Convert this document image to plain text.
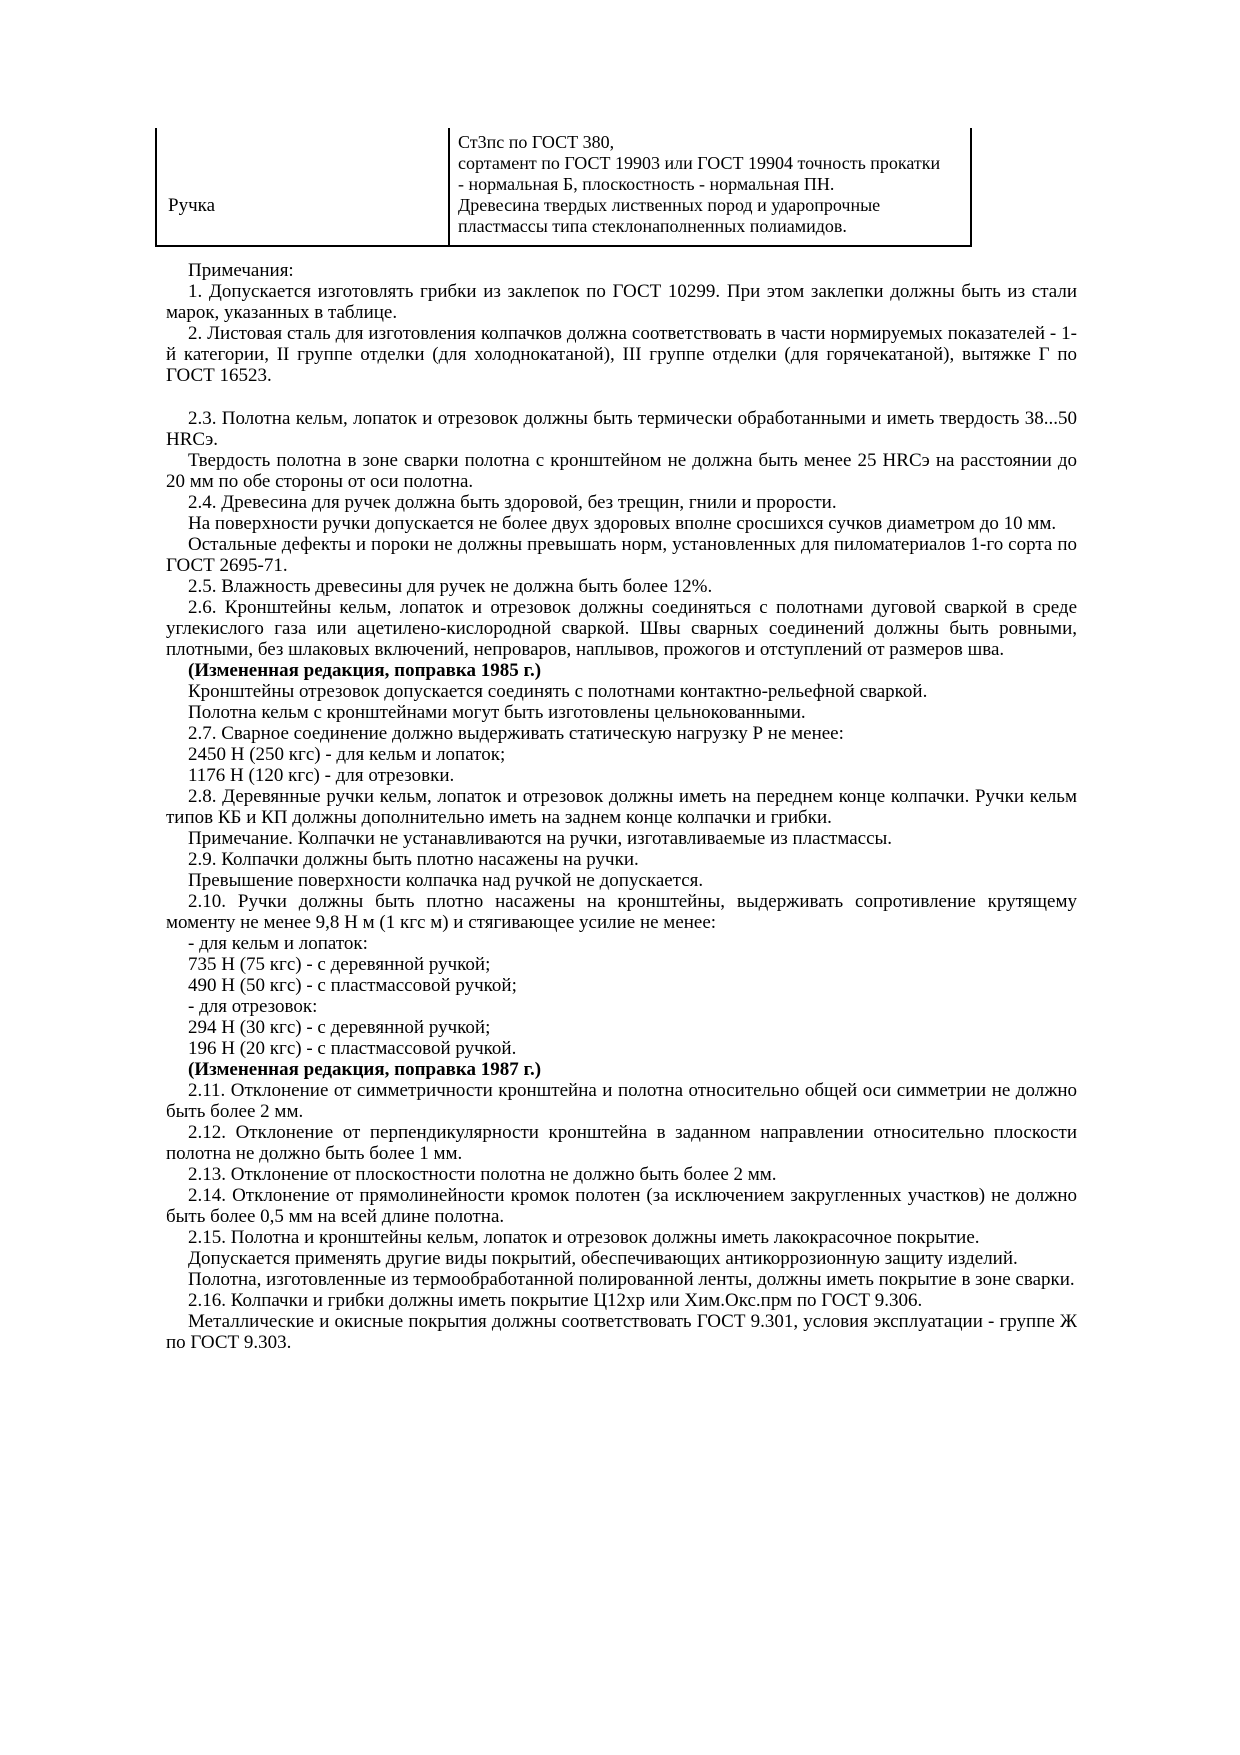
Ручка
Ст3пс по ГОСТ 380,
сортамент по ГОСТ 19903 или ГОСТ 19904 точность прокатки
- нормальная Б, плоскостность - нормальная ПН.
Древесина твердых лиственных пород и ударопрочные
пластмассы типа стеклонаполненных полиамидов.

Примечания:

1. Допускается изготовлять грибки из заклепок по ГОСТ 10299. При этом заклепки должны быть из стали марок, указанных в таблице.

2. Листовая сталь для изготовления колпачков должна соответствовать в части нормируемых показателей - 1-й категории, II группе отделки (для холоднокатаной), III группе отделки (для горячекатаной), вытяжке Г по ГОСТ 16523.

2.3. Полотна кельм, лопаток и отрезовок должны быть термически обработанными и иметь твердость 38...50 HRCэ.

Твердость полотна в зоне сварки полотна с кронштейном не должна быть менее 25 HRCэ на расстоянии до 20 мм по обе стороны от оси полотна.

2.4. Древесина для ручек должна быть здоровой, без трещин, гнили и прорости.

На поверхности ручки допускается не более двух здоровых вполне сросшихся сучков диаметром до 10 мм.

Остальные дефекты и пороки не должны превышать норм, установленных для пиломатериалов 1-го сорта по ГОСТ 2695-71.

2.5. Влажность древесины для ручек не должна быть более 12%.

2.6. Кронштейны кельм, лопаток и отрезовок должны соединяться с полотнами дуговой сваркой в среде углекислого газа или ацетилено-кислородной сваркой. Швы сварных соединений должны быть ровными, плотными, без шлаковых включений, непроваров, наплывов, прожогов и отступлений от размеров шва.

(Измененная редакция, поправка 1985 г.)

Кронштейны отрезовок допускается соединять с полотнами контактно-рельефной сваркой.

Полотна кельм с кронштейнами могут быть изготовлены цельнокованными.

2.7. Сварное соединение должно выдерживать статическую нагрузку Р не менее:

2450 Н (250 кгс) - для кельм и лопаток;

1176 Н (120 кгс) - для отрезовки.

2.8. Деревянные ручки кельм, лопаток и отрезовок должны иметь на переднем конце колпачки. Ручки кельм типов КБ и КП должны дополнительно иметь на заднем конце колпачки и грибки.

Примечание. Колпачки не устанавливаются на ручки, изготавливаемые из пластмассы.

2.9. Колпачки должны быть плотно насажены на ручки.

Превышение поверхности колпачка над ручкой не допускается.

2.10. Ручки должны быть плотно насажены на кронштейны, выдерживать сопротивление крутящему моменту не менее 9,8 Н м (1 кгс м) и стягивающее усилие не менее:

- для кельм и лопаток:

735 Н (75 кгс) - с деревянной ручкой;

490 Н (50 кгс) - с пластмассовой ручкой;

- для отрезовок:

294 Н (30 кгс) - с деревянной ручкой;

196 Н (20 кгс) - с пластмассовой ручкой.

(Измененная редакция, поправка 1987 г.)

2.11. Отклонение от симметричности кронштейна и полотна относительно общей оси симметрии не должно быть более 2 мм.

2.12. Отклонение от перпендикулярности кронштейна в заданном направлении относительно плоскости полотна не должно быть более 1 мм.

2.13. Отклонение от плоскостности полотна не должно быть более 2 мм.

2.14. Отклонение от прямолинейности кромок полотен (за исключением закругленных участков) не должно быть более 0,5 мм на всей длине полотна.

2.15. Полотна и кронштейны кельм, лопаток и отрезовок должны иметь лакокрасочное покрытие.

Допускается применять другие виды покрытий, обеспечивающих антикоррозионную защиту изделий.

Полотна, изготовленные из термообработанной полированной ленты, должны иметь покрытие в зоне сварки.

2.16. Колпачки и грибки должны иметь покрытие Ц12хр или Хим.Окс.прм по ГОСТ 9.306.

Металлические и окисные покрытия должны соответствовать ГОСТ 9.301, условия эксплуатации - группе Ж по ГОСТ 9.303.
